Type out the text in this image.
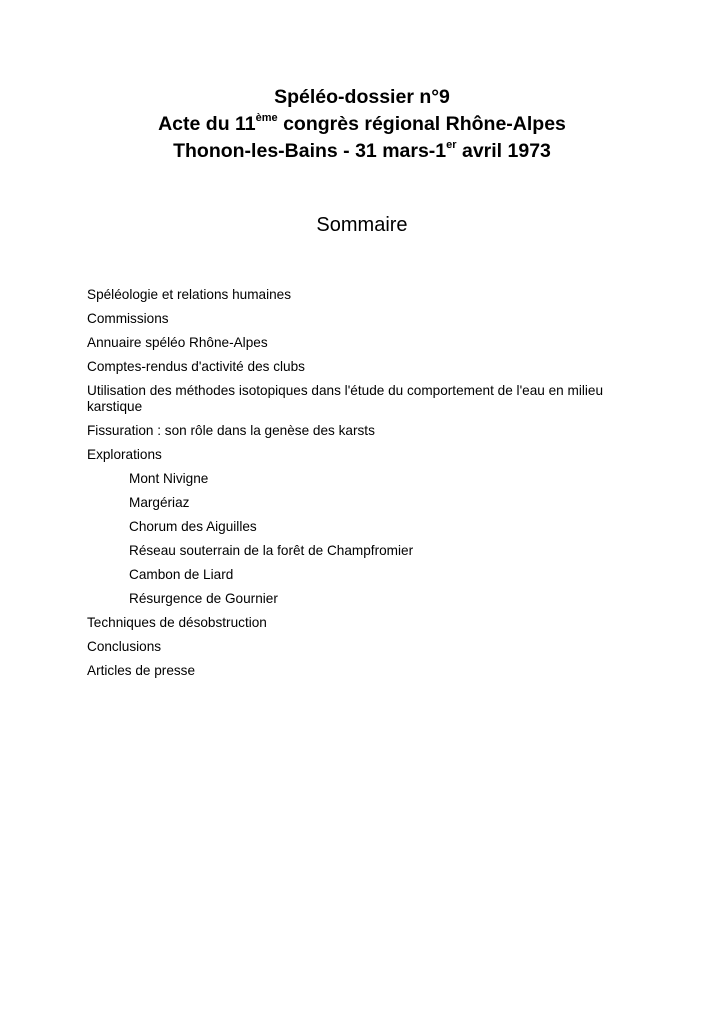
Spéléo-dossier n°9
Acte du 11ème congrès régional Rhône-Alpes
Thonon-les-Bains - 31 mars-1er avril 1973
Sommaire
Spéléologie et relations humaines
Commissions
Annuaire spéléo Rhône-Alpes
Comptes-rendus d'activité des clubs
Utilisation des méthodes isotopiques dans l'étude du comportement de l'eau en milieu karstique
Fissuration : son rôle dans la genèse des karsts
Explorations
Mont Nivigne
Margériaz
Chorum des Aiguilles
Réseau souterrain de la forêt de Champfromier
Cambon de Liard
Résurgence de Gournier
Techniques de désobstruction
Conclusions
Articles de presse
